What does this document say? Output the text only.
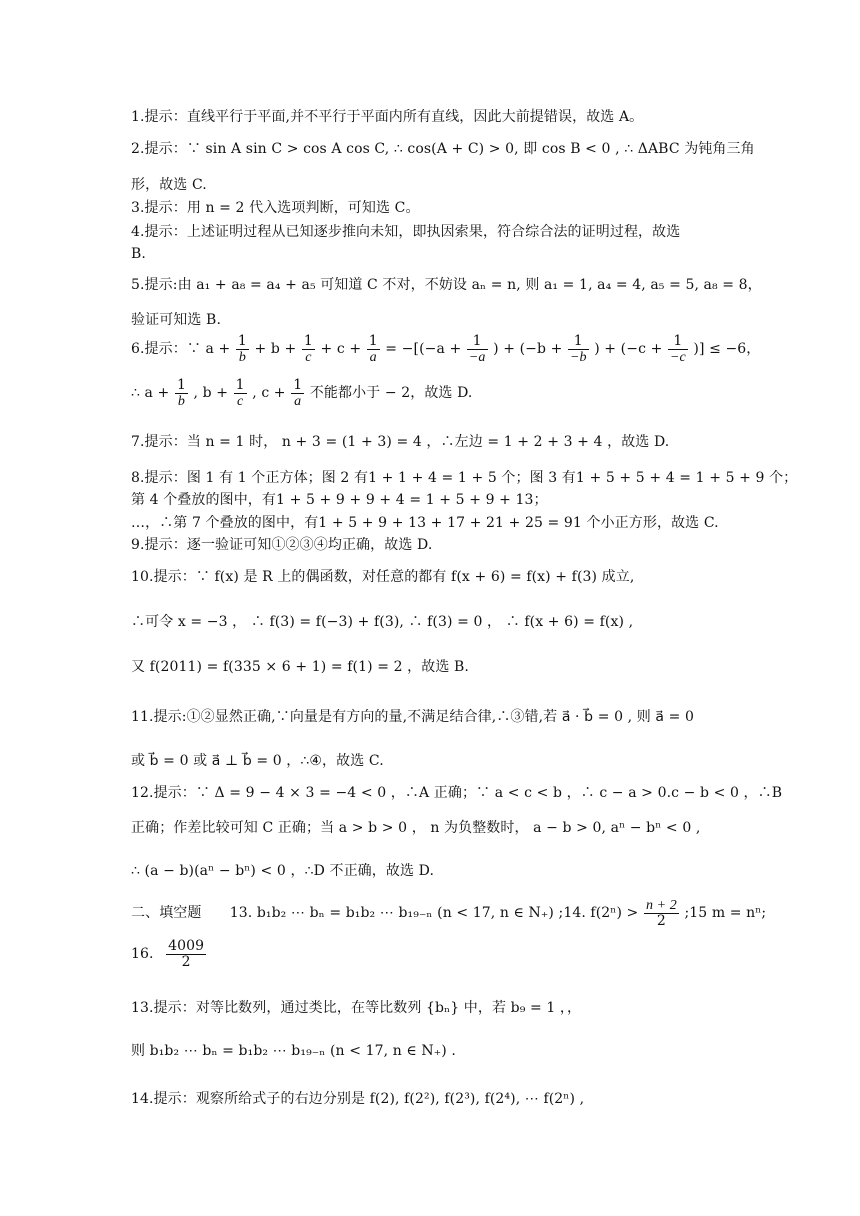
1.提示：直线平行于平面,并不平行于平面内所有直线，因此大前提错误，故选 A。
2.提示：∵ sin A sin C > cos A cos C, ∴ cos(A + C) > 0, 即 cos B < 0 , ∴ ΔABC 为钝角三角
形，故选 C.
3.提示：用 n = 2 代入选项判断，可知选 C。
4.提示：上述证明过程从已知逐步推向未知，即执因索果，符合综合法的证明过程，故选
B.
5.提示:由 a₁ + a₈ = a₄ + a₅ 可知道 C 不对，不妨设 aₙ = n, 则 a₁ = 1, a₄ = 4, a₅ = 5, a₈ = 8，
验证可知选 B.
6.提示：∵ $a + \frac{1}{b} + b + \frac{1}{c} + c + \frac{1}{a} = -[(-a + \frac{1}{-a}$ ) + ($-b + \frac{1}{-b}$ ) + ($-c + \frac{1}{-c}$ )] ≤ −6，
∴ $a + \frac{1}{b}$ , $b + \frac{1}{c}$ , $c + \frac{1}{a}$ 不能都小于 − 2，故选 D.
7.提示：当 n = 1 时， n + 3 = (1 + 3) = 4 ，∴左边 = 1 + 2 + 3 + 4 ，故选 D.
8.提示：图 1 有 1 个正方体；图 2 有1 + 1 + 4 = 1 + 5 个；图 3 有1 + 5 + 5 + 4 = 1 + 5 + 9 个；
第 4 个叠放的图中，有1 + 5 + 9 + 9 + 4 = 1 + 5 + 9 + 13；
…，∴第 7 个叠放的图中，有1 + 5 + 9 + 13 + 17 + 21 + 25 = 91 个小正方形，故选 C.
9.提示：逐一验证可知①②③④均正确，故选 D.
10.提示：∵ f(x) 是 R 上的偶函数，对任意的都有 f(x + 6) = f(x) + f(3) 成立,
∴可令 x = −3 ， ∴ f(3) = f(−3) + f(3), ∴ f(3) = 0 ， ∴ f(x + 6) = f(x) ,
又 f(2011) = f(335 × 6 + 1) = f(1) = 2 ，故选 B.
11.提示:①②显然正确,∵向量是有方向的量,不满足结合律,∴③错,若 a⃗ · b⃗ = 0 , 则 a⃗ = 0
或 b⃗ = 0 或 a⃗ ⊥ b⃗ = 0 ，∴④，故选 C.
12.提示：∵ Δ = 9 − 4 × 3 = −4 < 0 ，∴A 正确；∵ a < c < b ，∴ c − a > 0.c − b < 0 ，∴B
正确；作差比较可知 C 正确；当 a > b > 0 ， n 为负整数时， a − b > 0, aⁿ − bⁿ < 0 ,
∴ (a − b)(aⁿ − bⁿ) < 0 ，∴D 不正确，故选 D.
二、填空题　　13. b₁b₂ ⋯ bₙ = b₁b₂ ⋯ b₁₉₋ₙ (n < 17, n ∈ N₊) ;14. $f(2^n) > \frac{n + 2}{2}$ ;15 m = nⁿ;
16. $\frac{4009}{2}$
13.提示：对等比数列，通过类比，在等比数列 {bₙ} 中，若 b₉ = 1 ，，
则 b₁b₂ ⋯ bₙ = b₁b₂ ⋯ b₁₉₋ₙ (n < 17, n ∈ N₊) .
14.提示：观察所给式子的右边分别是 f(2), f(2²), f(2³), f(2⁴), ⋯ f(2ⁿ) ,
